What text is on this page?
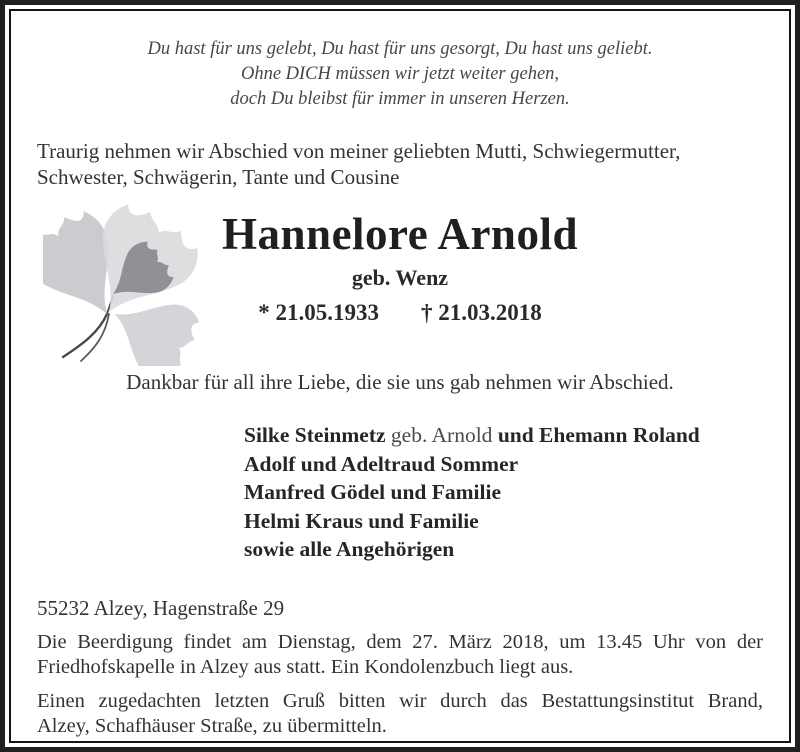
Du hast für uns gelebt, Du hast für uns gesorgt, Du hast uns geliebt.
Ohne DICH müssen wir jetzt weiter gehen,
doch Du bleibst für immer in unseren Herzen.
Traurig nehmen wir Abschied von meiner geliebten Mutti, Schwiegermutter,
Schwester, Schwägerin, Tante und Cousine
Hannelore Arnold
geb. Wenz
* 21.05.1933 † 21.03.2018
Dankbar für all ihre Liebe, die sie uns gab nehmen wir Abschied.
Silke Steinmetz geb. Arnold und Ehemann Roland
Adolf und Adeltraud Sommer
Manfred Gödel und Familie
Helmi Kraus und Familie
sowie alle Angehörigen
55232 Alzey, Hagenstraße 29
Die Beerdigung findet am Dienstag, dem 27. März 2018, um 13.45 Uhr von der
Friedhofskapelle in Alzey aus statt. Ein Kondolenzbuch liegt aus.
Einen zugedachten letzten Gruß bitten wir durch das Bestattungsinstitut Brand,
Alzey, Schafhäuser Straße, zu übermitteln.
